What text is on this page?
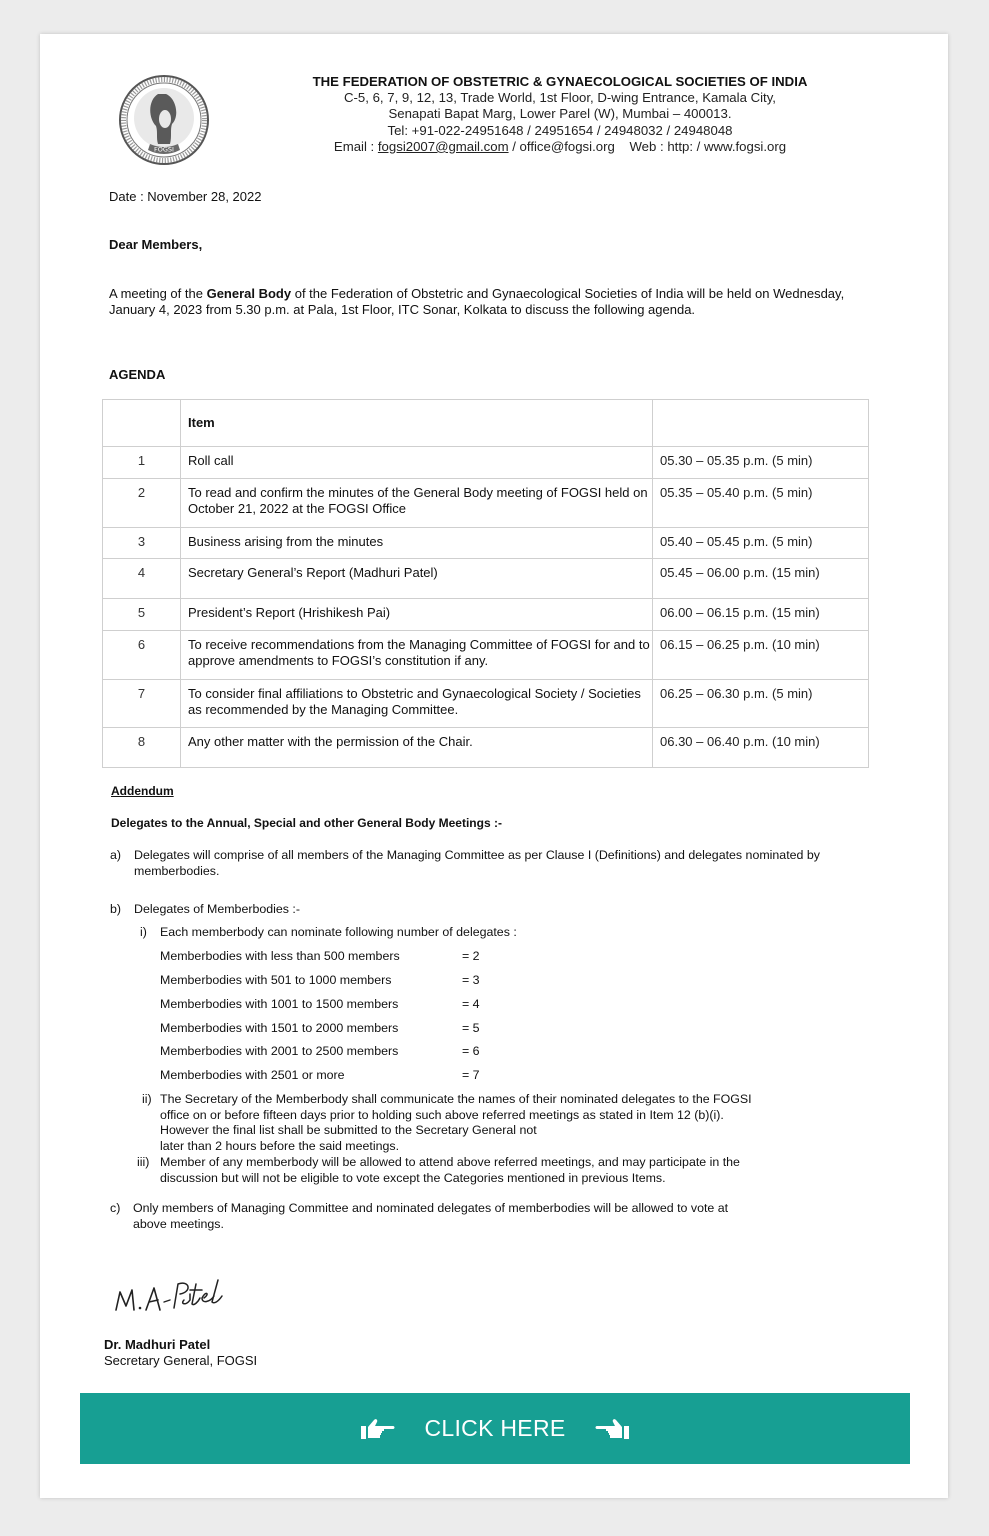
FOGSI
THE FEDERATION OF OBSTETRIC & GYNAECOLOGICAL SOCIETIES OF INDIA
C-5, 6, 7, 9, 12, 13, Trade World, 1st Floor, D-wing Entrance, Kamala City,
Senapati Bapat Marg, Lower Parel (W), Mumbai – 400013.
Tel: +91-022-24951648 / 24951654 / 24948032 / 24948048
Email : fogsi2007@gmail.com / office@fogsi.org Web : http: / www.fogsi.org
Date : November 28, 2022
Dear Members,
A meeting of the General Body of the Federation of Obstetric and Gynaecological Societies of India will be held on Wednesday, January 4, 2023 from 5.30 p.m. at Pala, 1st Floor, ITC Sonar, Kolkata to discuss the following agenda.
AGENDA

	Item	

1	Roll call	05.30 – 05.35 p.m. (5 min)

2	To read and confirm the minutes of the General Body meeting of FOGSI held on October 21, 2022 at the FOGSI Office	05.35 – 05.40 p.m. (5 min)

3	Business arising from the minutes	05.40 – 05.45 p.m. (5 min)

4	Secretary General’s Report (Madhuri Patel)	05.45 – 06.00 p.m. (15 min)

5	President’s Report (Hrishikesh Pai)	06.00 – 06.15 p.m. (15 min)

6	To receive recommendations from the Managing Committee of FOGSI for and to approve amendments to FOGSI’s constitution if any.	06.15 – 06.25 p.m. (10 min)

7	To consider final affiliations to Obstetric and Gynaecological Society / Societies as recommended by the Managing Committee.	06.25 – 06.30 p.m. (5 min)

8	Any other matter with the permission of the Chair.	06.30 – 06.40 p.m. (10 min)
Addendum
Delegates to the Annual, Special and other General Body Meetings :-
a) Delegates will comprise of all members of the Managing Committee as per Clause I (Definitions) and delegates nominated by memberbodies.
b) Delegates of Memberbodies :-
i) Each memberbody can nominate following number of delegates :
Memberbodies with less than 500 members	= 2
Memberbodies with 501 to 1000 members	= 3
Memberbodies with 1001 to 1500 members	= 4
Memberbodies with 1501 to 2000 members	= 5
Memberbodies with 2001 to 2500 members	= 6
Memberbodies with 2501 or more	= 7
ii) The Secretary of the Memberbody shall communicate the names of their nominated delegates to the FOGSI
office on or before fifteen days prior to holding such above referred meetings as stated in Item 12 (b)(i).
However the final list shall be submitted to the Secretary General not
later than 2 hours before the said meetings.
iii) Member of any memberbody will be allowed to attend above referred meetings, and may participate in the
discussion but will not be eligible to vote except the Categories mentioned in previous Items.
c) Only members of Managing Committee and nominated delegates of memberbodies will be allowed to vote at
above meetings.
Dr. Madhuri Patel
Secretary General, FOGSI
CLICK HERE
